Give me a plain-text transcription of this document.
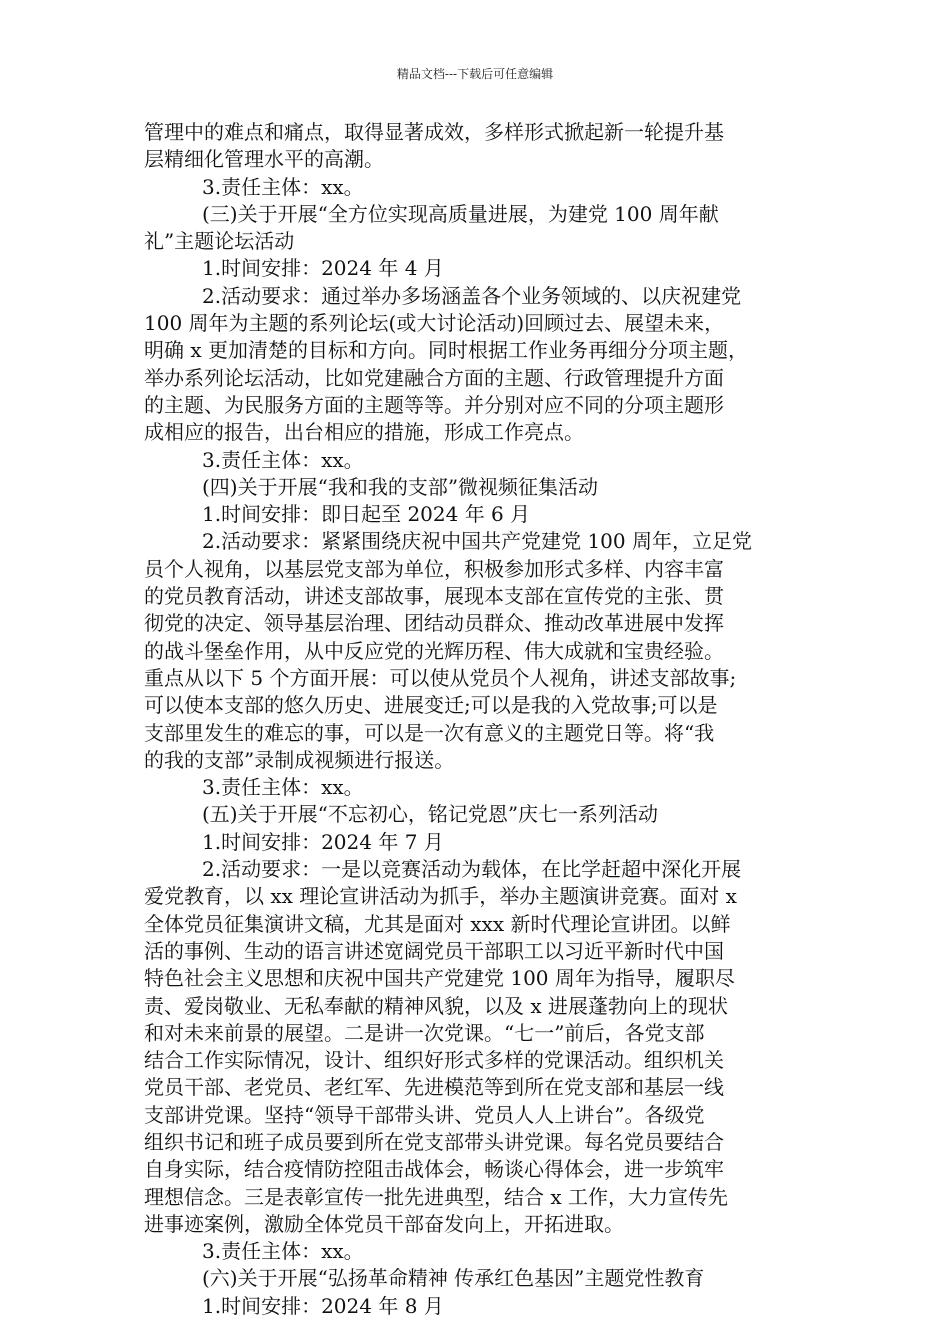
精品文档---下载后可任意编辑
管理中的难点和痛点，取得显著成效，多样形式掀起新一轮提升基
层精细化管理水平的高潮。
3.责任主体：xx。
(三)关于开展“全方位实现高质量进展，为建党 100 周年献
礼”主题论坛活动
1.时间安排：2024 年 4 月
2.活动要求：通过举办多场涵盖各个业务领域的、以庆祝建党
100 周年为主题的系列论坛(或大讨论活动)回顾过去、展望未来，
明确 x 更加清楚的目标和方向。同时根据工作业务再细分分项主题，
举办系列论坛活动，比如党建融合方面的主题、行政管理提升方面
的主题、为民服务方面的主题等等。并分别对应不同的分项主题形
成相应的报告，出台相应的措施，形成工作亮点。
3.责任主体：xx。
(四)关于开展“我和我的支部”微视频征集活动
1.时间安排：即日起至 2024 年 6 月
2.活动要求：紧紧围绕庆祝中国共产党建党 100 周年，立足党
员个人视角，以基层党支部为单位，积极参加形式多样、内容丰富
的党员教育活动，讲述支部故事，展现本支部在宣传党的主张、贯
彻党的决定、领导基层治理、团结动员群众、推动改革进展中发挥
的战斗堡垒作用，从中反应党的光辉历程、伟大成就和宝贵经验。
重点从以下 5 个方面开展：可以使从党员个人视角，讲述支部故事;
可以使本支部的悠久历史、进展变迁;可以是我的入党故事;可以是
支部里发生的难忘的事，可以是一次有意义的主题党日等。将“我
的我的支部”录制成视频进行报送。
3.责任主体：xx。
(五)关于开展“不忘初心，铭记党恩”庆七一系列活动
1.时间安排：2024 年 7 月
2.活动要求：一是以竞赛活动为载体，在比学赶超中深化开展
爱党教育，以 xx 理论宣讲活动为抓手，举办主题演讲竞赛。面对 x
全体党员征集演讲文稿，尤其是面对 xxx 新时代理论宣讲团。以鲜
活的事例、生动的语言讲述宽阔党员干部职工以习近平新时代中国
特色社会主义思想和庆祝中国共产党建党 100 周年为指导，履职尽
责、爱岗敬业、无私奉献的精神风貌，以及 x 进展蓬勃向上的现状
和对未来前景的展望。二是讲一次党课。“七一”前后，各党支部
结合工作实际情况，设计、组织好形式多样的党课活动。组织机关
党员干部、老党员、老红军、先进模范等到所在党支部和基层一线
支部讲党课。坚持“领导干部带头讲、党员人人上讲台”。各级党
组织书记和班子成员要到所在党支部带头讲党课。每名党员要结合
自身实际，结合疫情防控阻击战体会，畅谈心得体会，进一步筑牢
理想信念。三是表彰宣传一批先进典型，结合 x 工作，大力宣传先
进事迹案例，激励全体党员干部奋发向上，开拓进取。
3.责任主体：xx。
(六)关于开展“弘扬革命精神 传承红色基因”主题党性教育
1.时间安排：2024 年 8 月
